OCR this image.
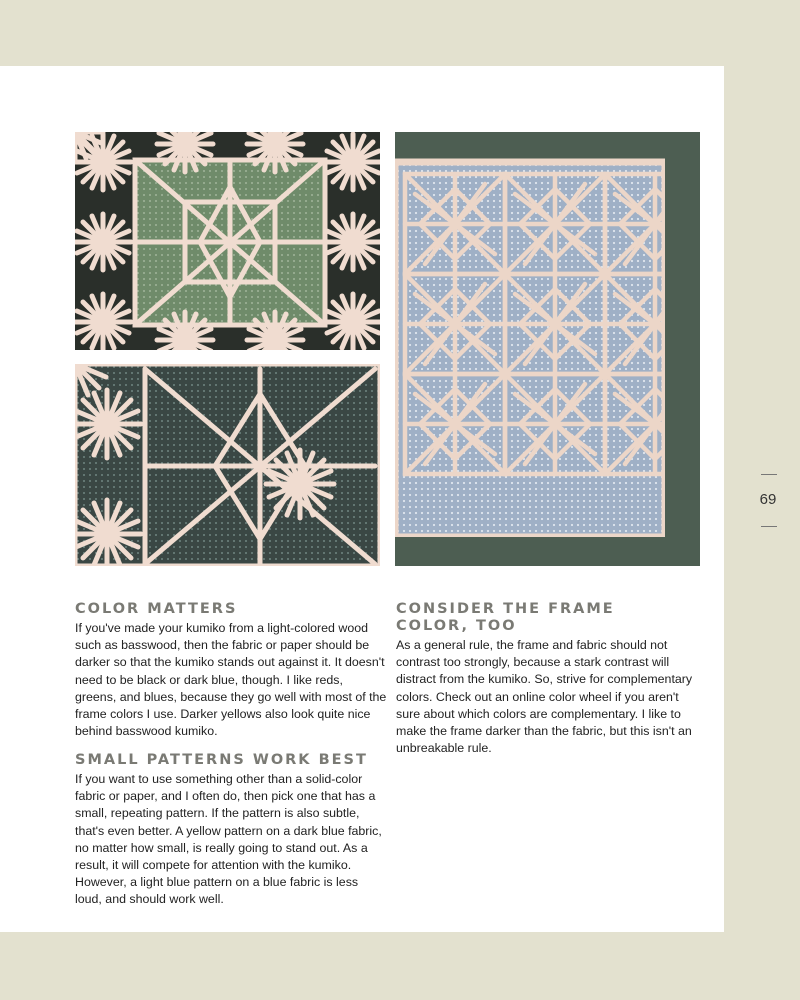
COLOR MATTERS

If you've made your kumiko from a light-colored wood such as basswood, then the fabric or paper should be darker so that the kumiko stands out against it. It doesn't need to be black or dark blue, though. I like reds, greens, and blues, because they go well with most of the frame colors I use. Darker yellows also look quite nice behind basswood kumiko.

SMALL PATTERNS WORK BEST

If you want to use something other than a solid-color fabric or paper, and I often do, then pick one that has a small, repeating pattern. If the pattern is also subtle, that's even better. A yellow pattern on a dark blue fabric, no matter how small, is really going to stand out. As a result, it will compete for attention with the kumiko. However, a light blue pattern on a blue fabric is less loud, and should work well.

CONSIDER THE FRAME COLOR, TOO

As a general rule, the frame and fabric should not contrast too strongly, because a stark contrast will distract from the kumiko. So, strive for complementary colors. Check out an online color wheel if you aren't sure about which colors are complementary. I like to make the frame darker than the fabric, but this isn't an unbreakable rule.

69
